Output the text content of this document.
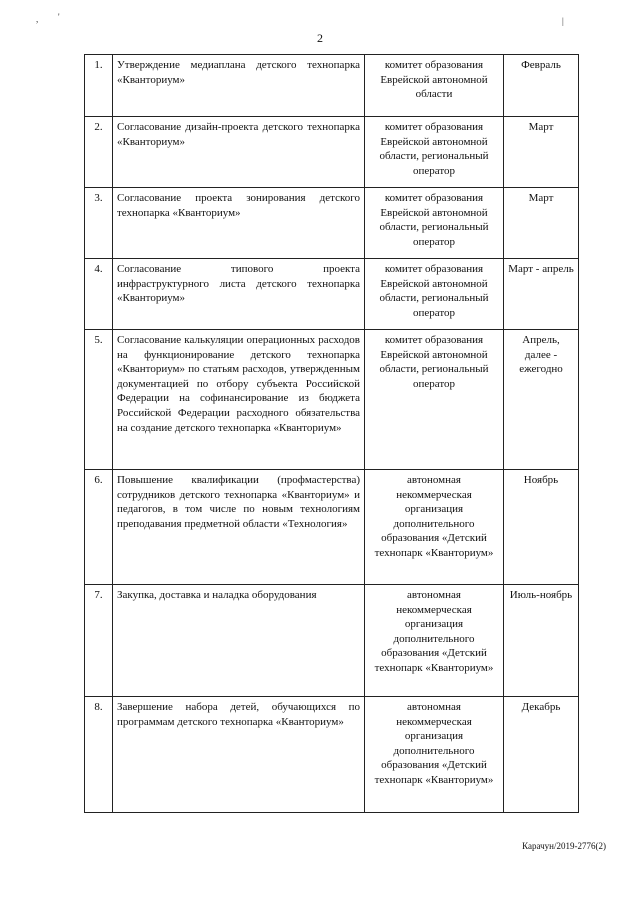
, '	|
2
1.	Утверждение медиаплана детского технопарка «Кванториум»	комитет образования Еврейской автономной области	Февраль
2.	Согласование дизайн-проекта детского технопарка «Кванториум»	комитет образования Еврейской автономной области, региональный оператор	Март
3.	Согласование проекта зонирования детского технопарка «Кванториум»	комитет образования Еврейской автономной области, региональный оператор	Март
4.	Согласование типового проекта инфраструктурного листа детского технопарка «Кванториум»	комитет образования Еврейской автономной области, региональный оператор	Март - апрель
5.	Согласование калькуляции операционных расходов на функционирование детского технопарка «Кванториум» по статьям расходов, утвержденным документацией по отбору субъекта Российской Федерации на софинансирование из бюджета Российской Федерации расходного обязательства на создание детского технопарка «Кванториум»	комитет образования Еврейской автономной области, региональный оператор	Апрель, далее - ежегодно
6.	Повышение квалификации (профмастерства) сотрудников детского технопарка «Кванториум» и педагогов, в том числе по новым технологиям преподавания предметной области «Технология»	автономная некоммерческая организация дополнительного образования «Детский технопарк «Кванториум»	Ноябрь
7.	Закупка, доставка и наладка оборудования	автономная некоммерческая организация дополнительного образования «Детский технопарк «Кванториум»	Июль-ноябрь
8.	Завершение набора детей, обучающихся по программам детского технопарка «Кванториум»	автономная некоммерческая организация дополнительного образования «Детский технопарк «Кванториум»	Декабрь
Карачун/2019-2776(2)
